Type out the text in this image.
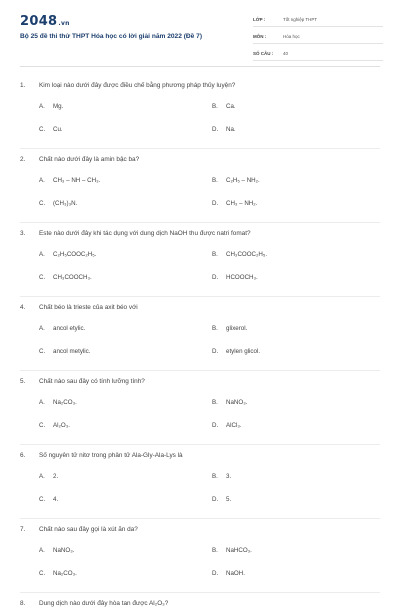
2048.vn
Bộ 25 đề thi thử THPT Hóa học có lời giải năm 2022 (Đề 7)
LỚP :	Tốt nghiệp THPT
MÔN :	Hóa học
SỐ CÂU :	40
1.	Kim loại nào dưới đây được điều chế bằng phương pháp thủy luyện?
A.	Mg.	B.	Ca.
C.	Cu.	D.	Na.
2.	Chất nào dưới đây là amin bậc ba?
A.	CH₃ – NH – CH₃.	B.	C₂H₅ – NH₂.
C.	(CH₃)₃N.	D.	CH₃ – NH₂.
3.	Este nào dưới đây khi tác dụng với dung dịch NaOH thu được natri fomat?
A.	C₂H₅COOC₂H₅.	B.	CH₃COOC₂H₅.
C.	CH₃COOCH₃.	D.	HCOOCH₃.
4.	Chất béo là trieste của axit béo với
A.	ancol etylic.	B.	glixerol.
C.	ancol metylic.	D.	etylen glicol.
5.	Chất nào sau đây có tính lưỡng tính?
A.	Na₂CO₃.	B.	NaNO₃.
C.	Al₂O₃.	D.	AlCl₃.
6.	Số nguyên tử nitơ trong phân tử Ala-Gly-Ala-Lys là
A.	2.	B.	3.
C.	4.	D.	5.
7.	Chất nào sau đây gọi là xút ăn da?
A.	NaNO₃.	B.	NaHCO₃.
C.	Na₂CO₃.	D.	NaOH.
8.	Dung dịch nào dưới đây hòa tan được Al₂O₃?
